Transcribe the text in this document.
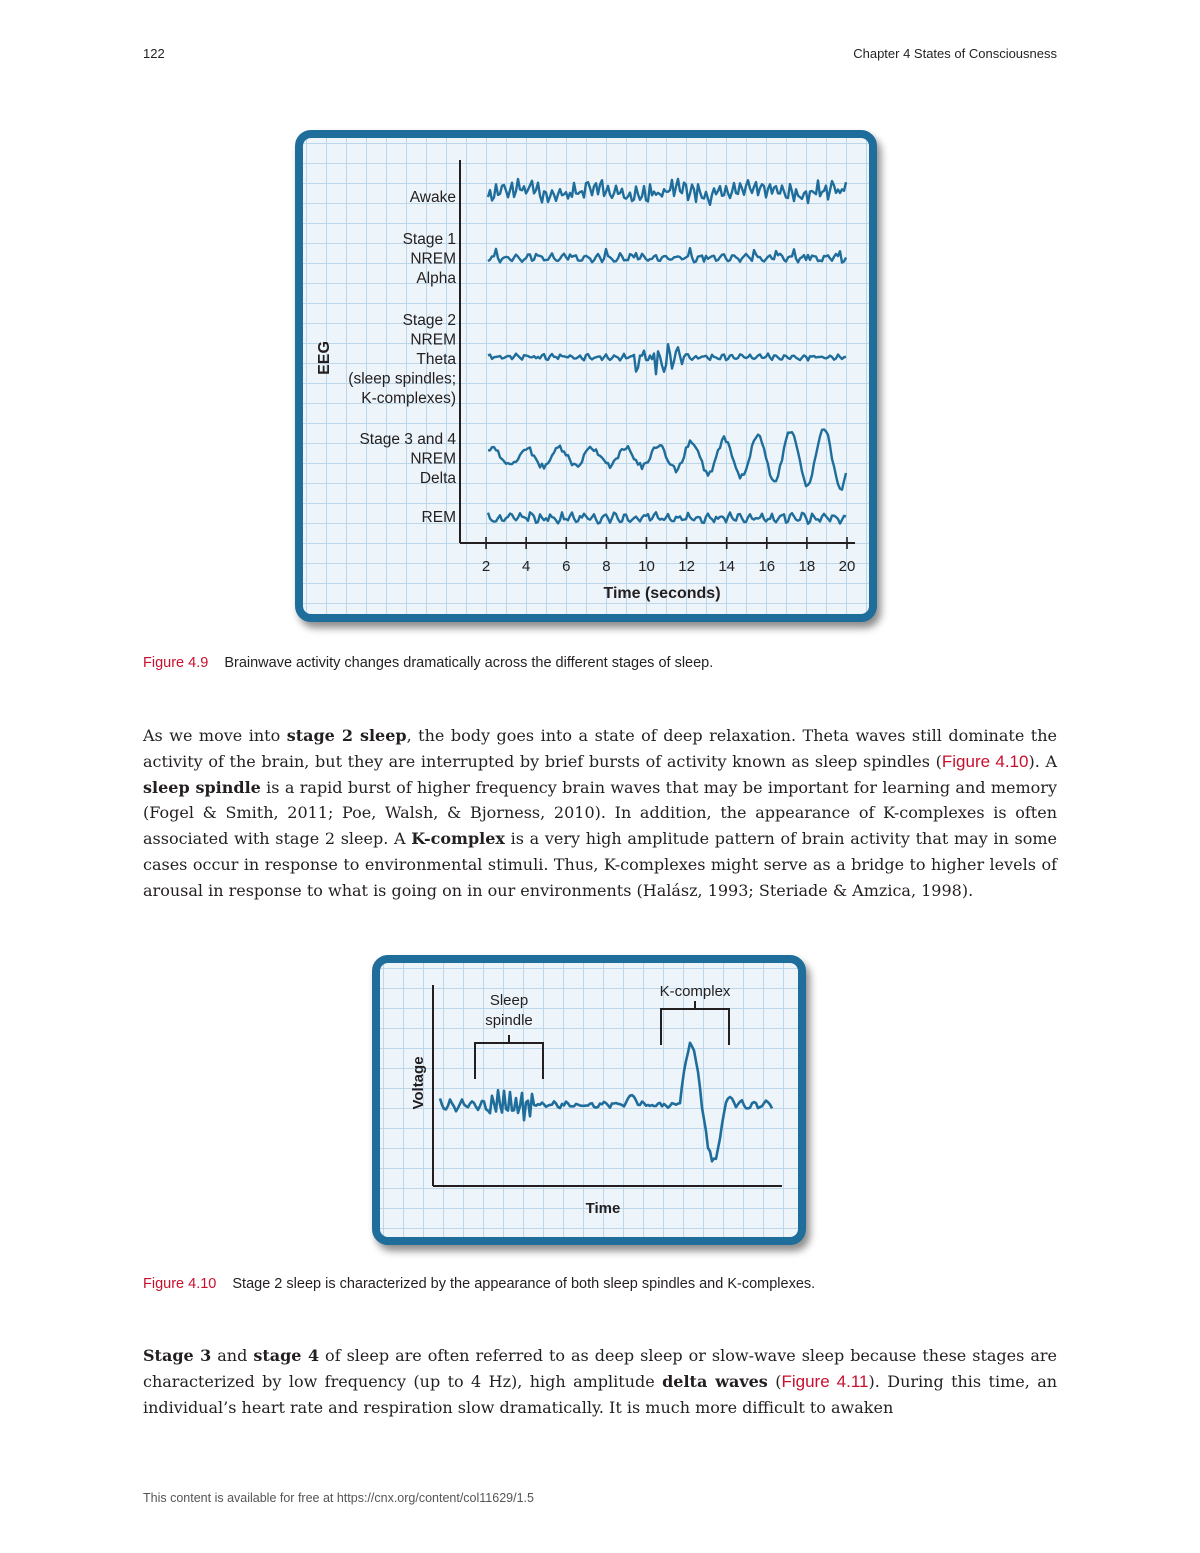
122	Chapter 4 States of Consciousness
EEG
Awake
Stage 1
NREM
Alpha
Stage 2
NREM
Theta
(sleep spindles;
K-complexes)
Stage 3 and 4
NREM
Delta
REM
2 4 6 8 10 12 14 16 18 20
Time (seconds)
Figure 4.9 Brainwave activity changes dramatically across the different stages of sleep.

As we move into stage 2 sleep, the body goes into a state of deep relaxation. Theta waves still dominate the activity of the brain, but they are interrupted by brief bursts of activity known as sleep spindles (Figure 4.10). A sleep spindle is a rapid burst of higher frequency brain waves that may be important for learning and memory (Fogel & Smith, 2011; Poe, Walsh, & Bjorness, 2010). In addition, the appearance of K-complexes is often associated with stage 2 sleep. A K-complex is a very high amplitude pattern of brain activity that may in some cases occur in response to environmental stimuli. Thus, K-complexes might serve as a bridge to higher levels of arousal in response to what is going on in our environments (Halász, 1993; Steriade & Amzica, 1998).

Voltage
Time
Sleep
spindle
K-complex
Figure 4.10 Stage 2 sleep is characterized by the appearance of both sleep spindles and K-complexes.

Stage 3 and stage 4 of sleep are often referred to as deep sleep or slow-wave sleep because these stages are characterized by low frequency (up to 4 Hz), high amplitude delta waves (Figure 4.11). During this time, an individual’s heart rate and respiration slow dramatically. It is much more difficult to awaken

This content is available for free at https://cnx.org/content/col11629/1.5
